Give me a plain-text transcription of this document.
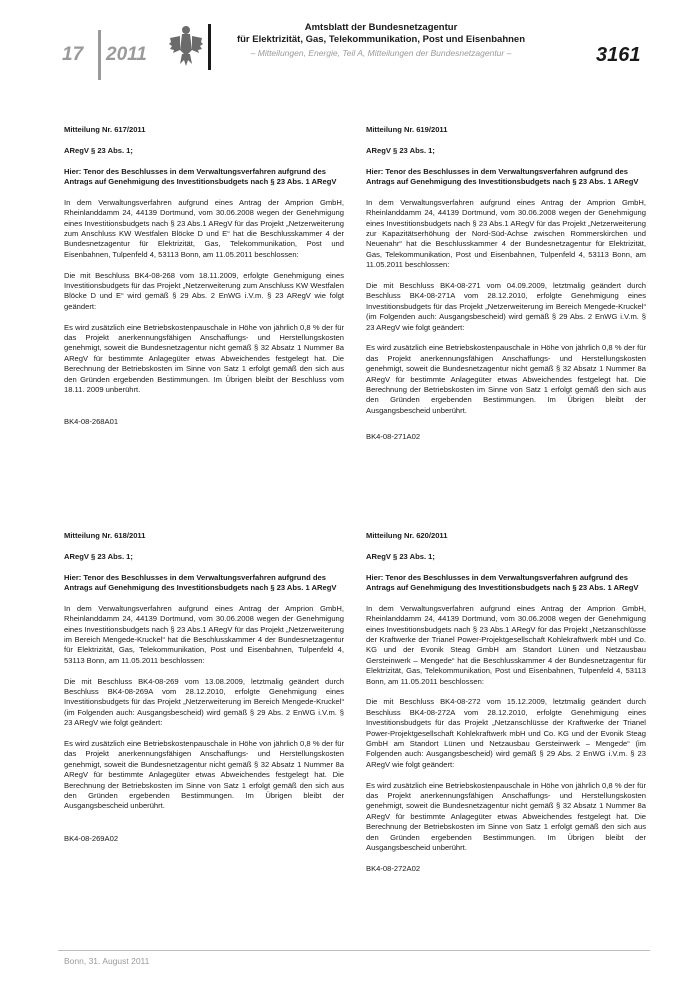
17 2011
Amtsblatt der Bundesnetzagentur
für Elektrizität, Gas, Telekommunikation, Post und Eisenbahnen
– Mitteilungen, Energie, Teil A, Mitteilungen der Bundesnetzagentur –	3161

Mitteilung Nr. 617/2011

ARegV § 23 Abs. 1;

Hier: Tenor des Beschlusses in dem Verwaltungsverfahren aufgrund des Antrags auf Genehmigung des Investitionsbudgets nach § 23 Abs. 1 ARegV

In dem Verwaltungsverfahren aufgrund eines Antrag der Amprion GmbH, Rheinlanddamm 24, 44139 Dortmund, vom 30.06.2008 wegen der Genehmigung eines Investitionsbudgets nach § 23 Abs.1 ARegV für das Projekt „Netzerweiterung zum Anschluss KW Westfalen Blöcke D und E“ hat die Beschlusskammer 4 der Bundesnetzagentur für Elektrizität, Gas, Telekommunikation, Post und Eisenbahnen, Tulpenfeld 4, 53113 Bonn, am 11.05.2011 beschlossen:

Die mit Beschluss BK4-08-268 vom 18.11.2009, erfolgte Genehmigung eines Investitionsbudgets für das Projekt „Netzerweiterung zum Anschluss KW Westfalen Blöcke D und E“ wird gemäß § 29 Abs. 2 EnWG i.V.m. § 23 ARegV wie folgt geändert:

Es wird zusätzlich eine Betriebskostenpauschale in Höhe von jährlich 0,8 % der für das Projekt anerkennungsfähigen Anschaffungs- und Herstellungskosten genehmigt, soweit die Bundesnetzagentur nicht gemäß § 32 Absatz 1 Nummer 8a ARegV für bestimmte Anlagegüter etwas Abweichendes festgelegt hat. Die Berechnung der Betriebskosten im Sinne von Satz 1 erfolgt gemäß den sich aus den Gründen ergebenden Bestimmungen. Im Übrigen bleibt der Beschluss vom 18.11. 2009 unberührt.

BK4-08-268A01

Mitteilung Nr. 619/2011

ARegV § 23 Abs. 1;

Hier: Tenor des Beschlusses in dem Verwaltungsverfahren aufgrund des Antrags auf Genehmigung des Investitionsbudgets nach § 23 Abs. 1 ARegV

In dem Verwaltungsverfahren aufgrund eines Antrag der Amprion GmbH, Rheinlanddamm 24, 44139 Dortmund, vom 30.06.2008 wegen der Genehmigung eines Investitionsbudgets nach § 23 Abs.1 ARegV für das Projekt „Netzerweiterung zur Kapazitätserhöhung der Nord-Süd-Achse zwischen Rommerskirchen und Neuenahr“ hat die Beschlusskammer 4 der Bundesnetzagentur für Elektrizität, Gas, Telekommunikation, Post und Eisenbahnen, Tulpenfeld 4, 53113 Bonn, am 11.05.2011 beschlossen:

Die mit Beschluss BK4-08-271 vom 04.09.2009, letztmalig geändert durch Beschluss BK4-08-271A vom 28.12.2010, erfolgte Genehmigung eines Investitionsbudgets für das Projekt „Netzerweiterung im Bereich Mengede-Kruckel“ (im Folgenden auch: Ausgangsbescheid) wird gemäß § 29 Abs. 2 EnWG i.V.m. § 23 ARegV wie folgt geändert:

Es wird zusätzlich eine Betriebskostenpauschale in Höhe von jährlich 0,8 % der für das Projekt anerkennungsfähigen Anschaffungs- und Herstellungskosten genehmigt, soweit die Bundesnetzagentur nicht gemäß § 32 Absatz 1 Nummer 8a ARegV für bestimmte Anlagegüter etwas Abweichendes festgelegt hat. Die Berechnung der Betriebskosten im Sinne von Satz 1 erfolgt gemäß den sich aus den Gründen ergebenden Bestimmungen. Im Übrigen bleibt der Ausgangsbescheid unberührt.

BK4-08-271A02

Mitteilung Nr. 618/2011

ARegV § 23 Abs. 1;

Hier: Tenor des Beschlusses in dem Verwaltungsverfahren aufgrund des Antrags auf Genehmigung des Investitionsbudgets nach § 23 Abs. 1 ARegV

In dem Verwaltungsverfahren aufgrund eines Antrag der Amprion GmbH, Rheinlanddamm 24, 44139 Dortmund, vom 30.06.2008 wegen der Genehmigung eines Investitionsbudgets nach § 23 Abs.1 ARegV für das Projekt „Netzerweiterung im Bereich Mengede-Kruckel“ hat die Beschlusskammer 4 der Bundesnetzagentur für Elektrizität, Gas, Telekommunikation, Post und Eisenbahnen, Tulpenfeld 4, 53113 Bonn, am 11.05.2011 beschlossen:

Die mit Beschluss BK4-08-269 vom 13.08.2009, letztmalig geändert durch Beschluss BK4-08-269A vom 28.12.2010, erfolgte Genehmigung eines Investitionsbudgets für das Projekt „Netzerweiterung im Bereich Mengede-Kruckel“ (im Folgenden auch: Ausgangsbescheid) wird gemäß § 29 Abs. 2 EnWG i.V.m. § 23 ARegV wie folgt geändert:

Es wird zusätzlich eine Betriebskostenpauschale in Höhe von jährlich 0,8 % der für das Projekt anerkennungsfähigen Anschaffungs- und Herstellungskosten genehmigt, soweit die Bundesnetzagentur nicht gemäß § 32 Absatz 1 Nummer 8a ARegV für bestimmte Anlagegüter etwas Abweichendes festgelegt hat. Die Berechnung der Betriebskosten im Sinne von Satz 1 erfolgt gemäß den sich aus den Gründen ergebenden Bestimmungen. Im Übrigen bleibt der Ausgangsbescheid unberührt.

BK4-08-269A02

Mitteilung Nr. 620/2011

ARegV § 23 Abs. 1;

Hier: Tenor des Beschlusses in dem Verwaltungsverfahren aufgrund des Antrags auf Genehmigung des Investitionsbudgets nach § 23 Abs. 1 ARegV

In dem Verwaltungsverfahren aufgrund eines Antrag der Amprion GmbH, Rheinlanddamm 24, 44139 Dortmund, vom 30.06.2008 wegen der Genehmigung eines Investitionsbudgets nach § 23 Abs.1 ARegV für das Projekt „Netzanschlüsse der Kraftwerke der Trianel Power-Projektgesellschaft Kohlekraftwerk mbH und Co. KG und der Evonik Steag GmbH am Standort Lünen und Netzausbau Gersteinwerk – Mengede“ hat die Beschlusskammer 4 der Bundesnetzagentur für Elektrizität, Gas, Telekommunikation, Post und Eisenbahnen, Tulpenfeld 4, 53113 Bonn, am 11.05.2011 beschlossen:

Die mit Beschluss BK4-08-272 vom 15.12.2009, letztmalig geändert durch Beschluss BK4-08-272A vom 28.12.2010, erfolgte Genehmigung eines Investitionsbudgets für das Projekt „Netzanschlüsse der Kraftwerke der Trianel Power-Projektgesellschaft Kohlekraftwerk mbH und Co. KG und der Evonik Steag GmbH am Standort Lünen und Netzausbau Gersteinwerk – Mengede“ (im Folgenden auch: Ausgangsbescheid) wird gemäß § 29 Abs. 2 EnWG i.V.m. § 23 ARegV wie folgt geändert:

Es wird zusätzlich eine Betriebskostenpauschale in Höhe von jährlich 0,8 % der für das Projekt anerkennungsfähigen Anschaffungs- und Herstellungskosten genehmigt, soweit die Bundesnetzagentur nicht gemäß § 32 Absatz 1 Nummer 8a ARegV für bestimmte Anlagegüter etwas Abweichendes festgelegt hat. Die Berechnung der Betriebskosten im Sinne von Satz 1 erfolgt gemäß den sich aus den Gründen ergebenden Bestimmungen. Im Übrigen bleibt der Ausgangsbescheid unberührt.

BK4-08-272A02

Bonn, 31. August 2011
